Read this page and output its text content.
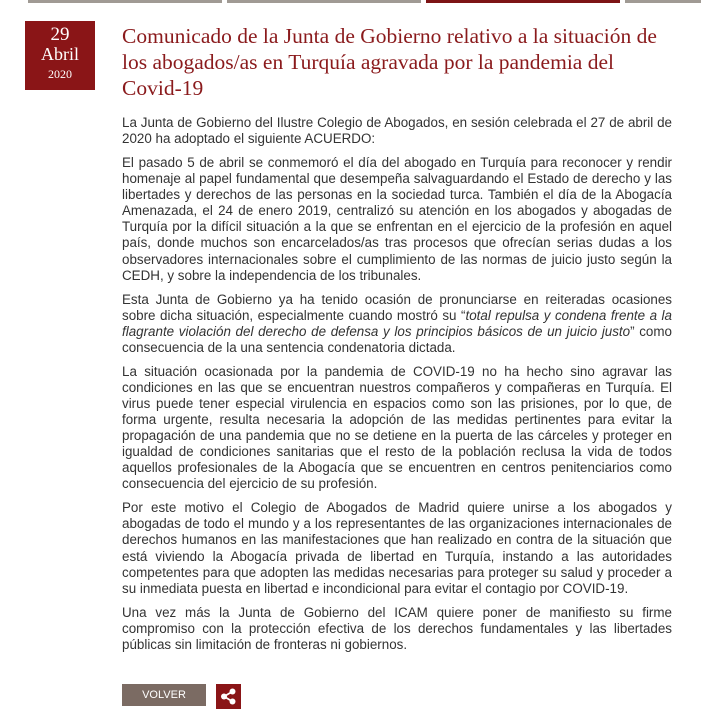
29
Abril
2020
Comunicado de la Junta de Gobierno relativo a la situación de los abogados/as en Turquía agravada por la pandemia del Covid-19

La Junta de Gobierno del Ilustre Colegio de Abogados, en sesión celebrada el 27 de abril de 2020 ha adoptado el siguiente ACUERDO:

El pasado 5 de abril se conmemoró el día del abogado en Turquía para reconocer y rendir homenaje al papel fundamental que desempeña salvaguardando el Estado de derecho y las libertades y derechos de las personas en la sociedad turca. También el día de la Abogacía Amenazada, el 24 de enero 2019, centralizó su atención en los abogados y abogadas de Turquía por la difícil situación a la que se enfrentan en el ejercicio de la profesión en aquel país, donde muchos son encarcelados/as tras procesos que ofrecían serias dudas a los observadores internacionales sobre el cumplimiento de las normas de juicio justo según la CEDH, y sobre la independencia de los tribunales.

Esta Junta de Gobierno ya ha tenido ocasión de pronunciarse en reiteradas ocasiones sobre dicha situación, especialmente cuando mostró su “total repulsa y condena frente a la flagrante violación del derecho de defensa y los principios básicos de un juicio justo” como consecuencia de la una sentencia condenatoria dictada.

La situación ocasionada por la pandemia de COVID-19 no ha hecho sino agravar las condiciones en las que se encuentran nuestros compañeros y compañeras en Turquía. El virus puede tener especial virulencia en espacios como son las prisiones, por lo que, de forma urgente, resulta necesaria la adopción de las medidas pertinentes para evitar la propagación de una pandemia que no se detiene en la puerta de las cárceles y proteger en igualdad de condiciones sanitarias que el resto de la población reclusa la vida de todos aquellos profesionales de la Abogacía que se encuentren en centros penitenciarios como consecuencia del ejercicio de su profesión.

Por este motivo el Colegio de Abogados de Madrid quiere unirse a los abogados y abogadas de todo el mundo y a los representantes de las organizaciones internacionales de derechos humanos en las manifestaciones que han realizado en contra de la situación que está viviendo la Abogacía privada de libertad en Turquía, instando a las autoridades competentes para que adopten las medidas necesarias para proteger su salud y proceder a su inmediata puesta en libertad e incondicional para evitar el contagio por COVID-19.

Una vez más la Junta de Gobierno del ICAM quiere poner de manifiesto su firme compromiso con la protección efectiva de los derechos fundamentales y las libertades públicas sin limitación de fronteras ni gobiernos.

VOLVER
